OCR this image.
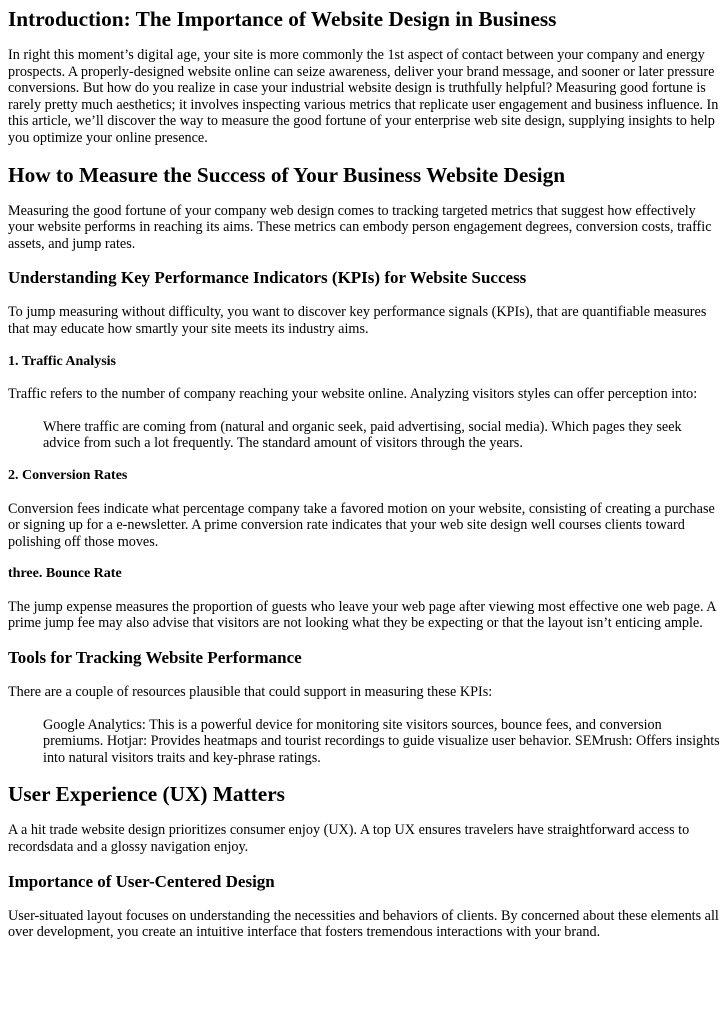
Introduction: The Importance of Website Design in Business

In right this moment’s digital age, your site is more commonly the 1st aspect of contact between your company and energy prospects. A properly-designed website online can seize awareness, deliver your brand message, and sooner or later pressure conversions. But how do you realize in case your industrial website design is truthfully helpful? Measuring good fortune is rarely pretty much aesthetics; it involves inspecting various metrics that replicate user engagement and business influence. In this article, we’ll discover the way to measure the good fortune of your enterprise web site design, supplying insights to help you optimize your online presence.

How to Measure the Success of Your Business Website Design

Measuring the good fortune of your company web design comes to tracking targeted metrics that suggest how effectively your website performs in reaching its aims. These metrics can embody person engagement degrees, conversion costs, traffic assets, and jump rates.

Understanding Key Performance Indicators (KPIs) for Website Success

To jump measuring without difficulty, you want to discover key performance signals (KPIs), that are quantifiable measures that may educate how smartly your site meets its industry aims.

1. Traffic Analysis

Traffic refers to the number of company reaching your website online. Analyzing visitors styles can offer perception into:

Where traffic are coming from (natural and organic seek, paid advertising, social media). Which pages they seek advice from such a lot frequently. The standard amount of visitors through the years.
2. Conversion Rates

Conversion fees indicate what percentage company take a favored motion on your website, consisting of creating a purchase or signing up for a e-newsletter. A prime conversion rate indicates that your web site design well courses clients toward polishing off those moves.

three. Bounce Rate

The jump expense measures the proportion of guests who leave your web page after viewing most effective one web page. A prime jump fee may also advise that visitors are not looking what they be expecting or that the layout isn’t enticing ample.

Tools for Tracking Website Performance

There are a couple of resources plausible that could support in measuring these KPIs:

Google Analytics: This is a powerful device for monitoring site visitors sources, bounce fees, and conversion premiums. Hotjar: Provides heatmaps and tourist recordings to guide visualize user behavior. SEMrush: Offers insights into natural visitors traits and key-phrase ratings.
User Experience (UX) Matters

A a hit trade website design prioritizes consumer enjoy (UX). A top UX ensures travelers have straightforward access to recordsdata and a glossy navigation enjoy.

Importance of User-Centered Design

User-situated layout focuses on understanding the necessities and behaviors of clients. By concerned about these elements all over development, you create an intuitive interface that fosters tremendous interactions with your brand.
